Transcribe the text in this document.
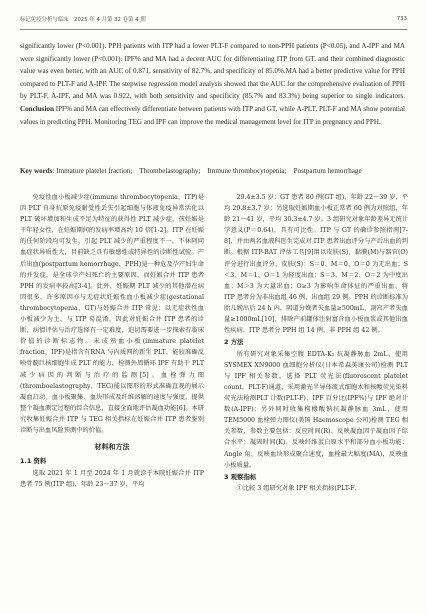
标记免疫分析与临床　2025 年 4 月第 32 卷第 4 期	733
significantly lower (P<0.001). PPH patients with ITP had a lower PLT-F compared to non-PPH patients (P<0.05), and A-IPF and MA were significantly lower (P<0.001). IPF% and MA had a decent AUC for differentiating ITP from GT, and their combined diagnostic value was even better, with an AUC of 0.871, sensitivity of 82.7%, and specificity of 85.0%.MA had a better predictive value for PPH compared to PLT-F and A-IPF. The stepwise regression model analysis showed that the AUC for the comprehensive evaluation of PPH by PLT-F, A-IPF, and MA was 0.922, with both sensitivity and specificity (85.7% and 83.3%) being superior to single indicators. Conclusion IPF% and MA can effectively differentiate between patients with ITP and GT, while A-PLT, PLT-F and MA show potential values in predicting PPH. Monitoring TEG and IPF can improve the medical management level for ITP in pregnancy and PPH.
Key words: Immature platelet fraction;　Thrombelastography;　Immune thrombocytopenia;　Postpartum hemorrhage

免疫性血小板减少症(immune thrombocytopenia，ITP)是因 PLT 自身抗原免疫耐受性丢失引起细胞与体液免疫异常活化以 PLT 破坏增加和生成不足为特征的获得性 PLT 减少症，孩妊娠是干年轻女性，在妊娠期间的发病率增高约 10 倍[1-2]。ITP 在妊娠的任何阶段均可发生，引起 PLT 减少的严重程度不一，不休阿同血症状异质性大，目前缺乏具有敏感性或特异性的诊断性试验。产后出血(postpartum hemorrhage，PPH)是一种危及孕产妇生命的并发症，是全球孕产妇死亡的主要原因，而妊娠合并 ITP 患者 PPH 的发病率较高[3-4]。此外，妊娠期 PLT 减少的其他潜在病因很多，许多原因亦与无症状妊娠性血小板减少症(gestational thrombocytopenia，GT)与妊娠合并 ITP 常见；以无症状性血小板减少为主，与 ITP 易混淆，因此对妊娠合并 ITP 患者的诊断、病情评估与治疗选择有一定难度，迫切需要进一步探索有临床价值的诊断标志物。未成熟血小板(immature platelet fraction，IPF)是指含有RNA 与内质网的新生 PLT，能较准确反映骨髓巨核细胞生成 PLT 的能力，检测外周循环 IPF 有助于 PLT 减少病因的判断与治疗的监测[5]。血栓弹力图(thromboelastography，TEG)能以图形的形式准确直观的展示凝血启动、血小板聚集、血块形成及纤维溶解的速度与强度，提供整个凝血测定过程的综合信息，直接全面地评估凝血功能[6]。本研究收集妊娠合并 ITP 与 TEG 相关指标在妊娠合并 ITP 患者鉴别诊断与出血风险预测中的价值。

材料和方法
1.1 资料

选取 2021 年 1 月至 2024 年 1 月就诊于本院妊娠合并 ITP 患者 75 例(ITP 组)，年龄 23～37 岁，平均

29.4±3.5 岁；GT 患者 80 例(GT 组)，年龄 22～39 岁，平均 29.8±3.7 岁；另选取妊娠期血小板正常者 60 例为对照组，年龄 21～41 岁，平均 30.3±4.7 岁。3 组研究对象年龄差异无统计学意义(P＝0.64)，具有可比性。ITP 与 GT 的确诊参照指南[7-8]，并由两名血液科医生完成对 ITP 患者出血评分与产后出血的判断。根据 ITP-BAT 评估工具[9]用以皮肤(S)、黏膜(M)与器官(O)评分进行出血评分，皮肤(S)：S＝0、M＝0、O＝0 为无出血；S＜3、M＝1、O＝1 为轻度出血；S＝3、M＝2、O＝2 为中度出血；M＞3 为大量出血；O≥3 为影响生命体征的严重出血。将 ITP 患者分为非出血组 46 例、出血组 29 例。PPH 的诊断标准为胎儿娩出后 24 h 内，阴道分娩者失血量≥500mL、剖宫产者失血量≥1000mL[10]，排除产前罐体注射富含血小板血浆或其他出血性疾病。ITP 患者分 PPH 组 14 例、非 PPH 组 42 例。

2 方法

所有研究对象采集空腹 EDTA-K₂ 抗凝静脉血 2mL，使用 SYSMEX XN9000 血细胞分析仪(日本希森美康公司)检测 PLT 与 IPF 相关参数，选择 PLT 荧光法(fluorescent platelet count，PLT-F)通道，采用激光半导体流式细胞术和核酸荧光染料荧光法检测PLT 计数(PLT-F)、IPF 百分比(IPF%)与 IPF 绝对计数(A-IPF)；另外同时收集枸橼酸钠抗凝静脉血 3mL，使用 TEM5000 血栓弹力图仪(美国 Haemoscope 公司)检测 TEG 相关参数，参数主要包括：反应时间(R)、反映凝血因子凝血因子综合水平；凝固时间(K)、反映纤维蛋白原水平和部分血小板功能；Angle 角，反映血块形成聚合速度，血栓最大幅度(MA)，反映血小板质量。

3 观察指标

①比较 3 组研究对象 IPF 相关指标(PLT-F、
